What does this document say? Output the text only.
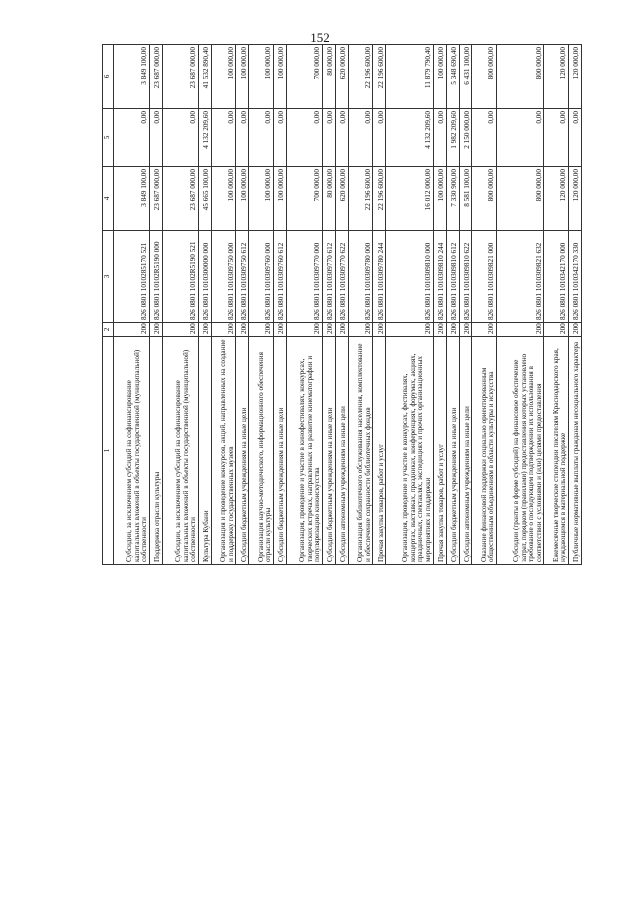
152
1	2	3	4	5	6
Субсидии, за исключением субсидий на софинансирование капитальных вложений в объекты государственной (муниципальной) собственности	200	826 0801 1010285170 521	3 849 100,00	0,00	3 849 100,00
Поддержка отрасли культуры	200	826 0801 10102R5190 000	23 687 000,00	0,00	23 687 000,00
Субсидии, за исключением субсидий на софинансирование капитальных вложений в объекты государственной (муниципальной) собственности	200	826 0801 10102R5190 521	23 687 000,00	0,00	23 687 000,00
Культура Кубани	200	826 0801 1010300000 000	45 665 100,00	4 132 209,60	41 532 890,40
Организация и проведение конкурсов, акций, направленных на создание и поддержку государственных музеев	200	826 0801 1010309750 000	100 000,00	0,00	100 000,00
Субсидии бюджетным учреждениям на иные цели	200	826 0801 1010309750 612	100 000,00	0,00	100 000,00
Организация научно-методического, информационного обеспечения отрасли культуры	200	826 0801 1010309760 000	100 000,00	0,00	100 000,00
Субсидии бюджетным учреждениям на иные цели	200	826 0801 1010309760 612	100 000,00	0,00	100 000,00
Организация, проведение и участие в кинофестивалях, конкурсах, творческих встречах, направленных на развитие кинематографии и популяризацию киноискусства	200	826 0801 1010309770 000	700 000,00	0,00	700 000,00
Субсидии бюджетным учреждениям на иные цели	200	826 0801 1010309770 612	80 000,00	0,00	80 000,00
Субсидии автономным учреждениям на иные цели	200	826 0801 1010309770 622	620 000,00	0,00	620 000,00
Организация библиотечного обслуживания населения, комплектование и обеспечение сохранности библиотечных фондов	200	826 0801 1010309780 000	22 196 600,00	0,00	22 196 600,00
Прочая закупка товаров, работ и услуг	200	826 0801 1010309780 244	22 196 600,00	0,00	22 196 600,00
Организация, проведение и участие в конкурсах, фестивалях, концертах, выставках, праздниках, конференциях, форумах, акциях, праздничных, спектаклях, экспедициях и прочих организационных мероприятиях и поддержки	200	826 0801 1010309810 000	16 012 000,00	4 132 209,60	11 879 790,40
Прочая закупка товаров, работ и услуг	200	826 0801 1010309810 244	100 000,00	0,00	100 000,00
Субсидии бюджетным учреждениям на иные цели	200	826 0801 1010309810 612	7 330 900,00	1 982 209,60	5 348 690,40
Субсидии автономным учреждениям на иные цели	200	826 0801 1010309810 622	8 581 100,00	2 150 000,00	6 431 100,00
Оказание финансовой поддержки социально ориентированным общественным объединениям в области культуры и искусства	200	826 0801 1010309821 000	800 000,00	0,00	800 000,00
Субсидии (гранты в форме субсидий) на финансовое обеспечение затрат, порядком (правилами) предоставления которых установлено требование о последующем подтверждении их использования в соответствии с условиями и (или) целями предоставления	200	826 0801 1010309821 632	800 000,00	0,00	800 000,00
Ежемесячные творческие стипендии писателям Краснодарского края, нуждающимся в материальной поддержке	200	826 0801 1010342170 000	120 000,00	0,00	120 000,00
Публичные нормативные выплаты гражданам несоциального характера	200	826 0801 1010342170 330	120 000,00	0,00	120 000,00
